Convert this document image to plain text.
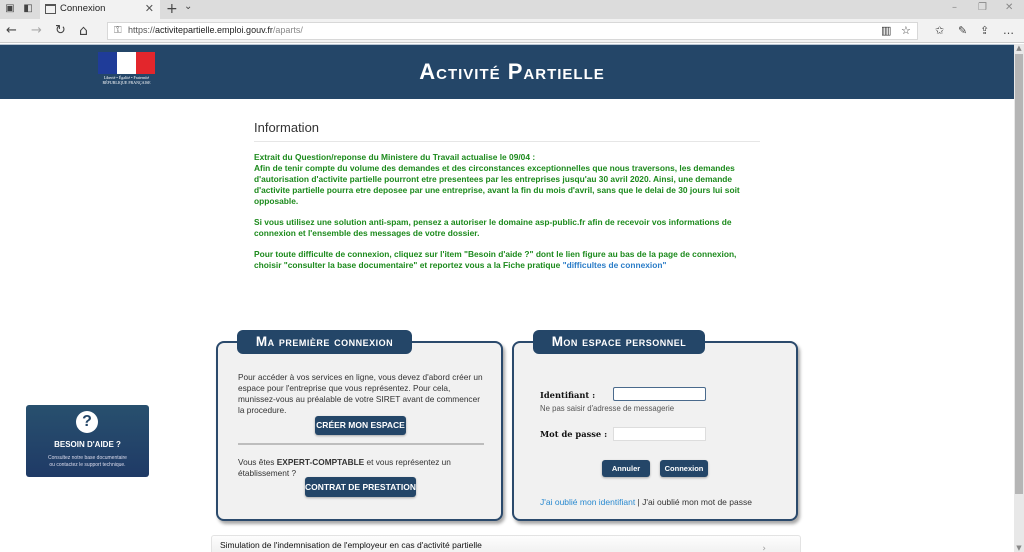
▣ ◧	Connexion	✕ + ⌄	– ❐ ✕
← → ↻ ⌂	⚿ https://activitepartielle.emploi.gouv.fr/aparts/	▥ ☆ ✩ ✎ ⇪ …
Liberté • Égalité • Fraternité
RÉPUBLIQUE FRANÇAISE	Activité Partielle
Information
Extrait du Question/reponse du Ministere du Travail actualise le 09/04 :
Afin de tenir compte du volume des demandes et des circonstances exceptionnelles que nous traversons, les demandes d'autorisation d'activite partielle pourront etre presentees par les entreprises jusqu'au 30 avril 2020. Ainsi, une demande d'activite partielle pourra etre deposee par une entreprise, avant la fin du mois d'avril, sans que le delai de 30 jours lui soit opposable.
Si vous utilisez une solution anti-spam, pensez a autoriser le domaine asp-public.fr afin de recevoir vos informations de connexion et l'ensemble des messages de votre dossier.
Pour toute difficulte de connexion, cliquez sur l'item "Besoin d'aide ?" dont le lien figure au bas de la page de connexion, choisir "consulter la base documentaire" et reportez vous a la Fiche pratique "difficultes de connexion"
Ma première connexion

Pour accéder à vos services en ligne, vous devez d'abord créer un espace pour l'entreprise que vous représentez. Pour cela, munissez-vous au préalable de votre SIRET avant de commencer la procedure.

CRÉER MON ESPACE

Vous êtes EXPERT-COMPTABLE et vous représentez un établissement ?

CONTRAT DE PRESTATION
Mon espace personnel
Identifiant :
Ne pas saisir d'adresse de messagerie
Mot de passe :
Annuler	Connexion
J'ai oublié mon identifiant | J'ai oublié mon mot de passe
?
BESOIN D'AIDE ?
Consultez notre base documentaire
ou contactez le support technique.
Simulation de l'indemnisation de l'employeur en cas d'activité partielle	›
▲
▼
